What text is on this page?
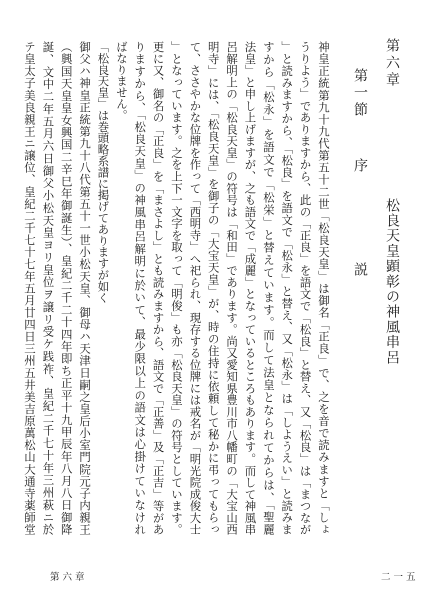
第六章
松良天皇顕彰の神風串呂
第一節
序説
神皇正統第九十九代第五十二世「松良天皇」は御名「正良」で、之を音で読みますと「しょ
うりよう」でありますから、此の「正良」を語文で「松良」と替え、又「松良」は「まつなが
」と読みますから、「松良」を語文で「松永」と替え、又「松永」は「しようえい」と読みま
すから「松永」を語文で「松栄」と替えています。而して法皇となられてからは、「聖麗
法皇」と申し上げますが、之も語文で「成麗」となっているところもあります。而して神風串
呂解明上の「松良天皇」の符号は「和田」であります。尚又愛知県豊川市八幡町の「大宝山西
明寺」には、「松良天皇」を御子の「大宝天皇」が、時の住持に依頼して秘かに弔ってもらっ
て、ささやかな位牌を作って「西明寺」へ祀られ、現存する位牌には戒名が「明光院成俊大士
」となっています。之を上下一文字を取って「明俊」も亦「松良天皇」の符号としています。
更に又、御名の「正良」を「まさよし」とも読みますから、語文で「正善」及「正吉」等があ
りますから、「松良天皇」の神風串呂解明に於いて、最少限以上の語文は心掛けていなけれ
ばなりません。
「松良天皇」は巻頭略系譜に掲げてありますが如く
御父ハ神皇正統第九十八代第五十一世小松天皇、御母ハ天津日嗣之皇后小室門院元子内親王
（興国天皇皇女興国二辛巳年御誕生）、皇紀二千二十四年即ち正平十九甲辰年八月八日御降
誕、文中二年五月六日御父小松天皇ヨリ皇位ヲ譲リ受ケ践祚、皇紀二千七十年三州萩ニ於
テ皇太子美良親王ニ譲位、皇紀二千七十七年五月廿四日三州五井美吉原萬松山大通寺薬師堂
第六章	二一五
